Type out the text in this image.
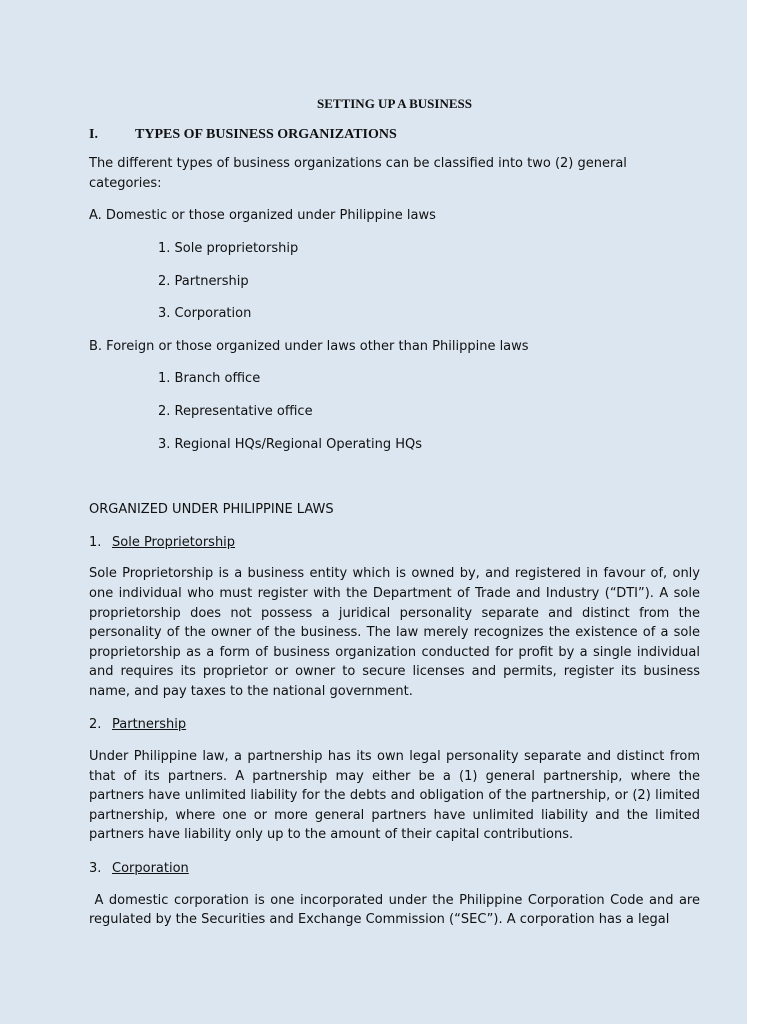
SETTING UP A BUSINESS

I.	TYPES OF BUSINESS ORGANIZATIONS

The different types of business organizations can be classified into two (2) general categories:

A. Domestic or those organized under Philippine laws

1. Sole proprietorship

2. Partnership

3. Corporation

B. Foreign or those organized under laws other than Philippine laws

1. Branch office

2. Representative office

3. Regional HQs/Regional Operating HQs

ORGANIZED UNDER PHILIPPINE LAWS

1. Sole Proprietorship

Sole Proprietorship is a business entity which is owned by, and registered in favour of, only one individual who must register with the Department of Trade and Industry (“DTI”). A sole proprietorship does not possess a juridical personality separate and distinct from the personality of the owner of the business. The law merely recognizes the existence of a sole proprietorship as a form of business organization conducted for profit by a single individual and requires its proprietor or owner to secure licenses and permits, register its business name, and pay taxes to the national government.

2. Partnership

Under Philippine law, a partnership has its own legal personality separate and distinct from that of its partners. A partnership may either be a (1) general partnership, where the partners have unlimited liability for the debts and obligation of the partnership, or (2) limited partnership, where one or more general partners have unlimited liability and the limited partners have liability only up to the amount of their capital contributions.

3. Corporation

A domestic corporation is one incorporated under the Philippine Corporation Code and are regulated by the Securities and Exchange Commission (“SEC”). A corporation has a legal
